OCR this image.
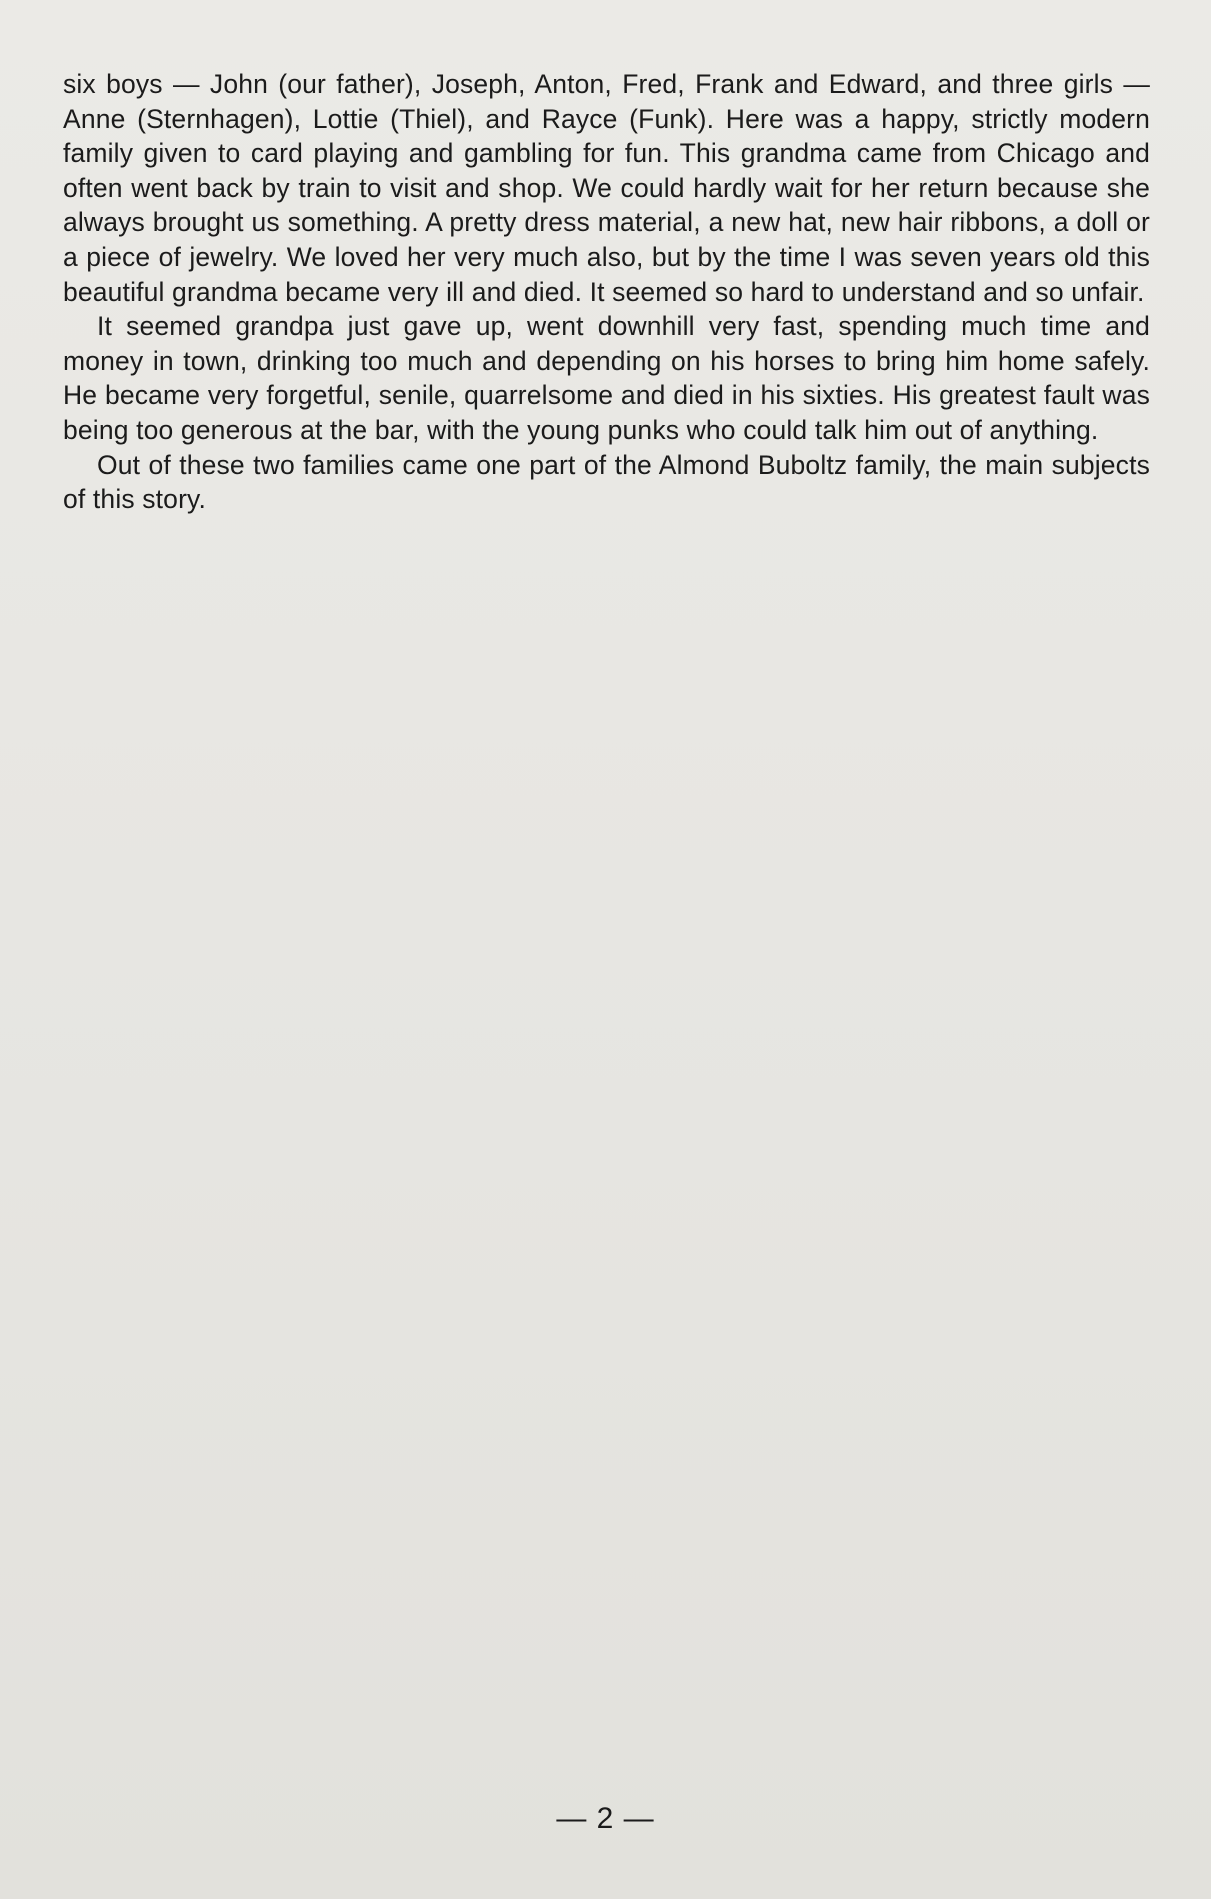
six boys — John (our father), Joseph, Anton, Fred, Frank and Edward, and three girls — Anne (Sternhagen), Lottie (Thiel), and Rayce (Funk). Here was a happy, strictly modern family given to card playing and gambling for fun. This grandma came from Chicago and often went back by train to visit and shop. We could hardly wait for her return because she always brought us something. A pretty dress material, a new hat, new hair ribbons, a doll or a piece of jewelry. We loved her very much also, but by the time I was seven years old this beautiful grandma became very ill and died. It seemed so hard to understand and so unfair.

It seemed grandpa just gave up, went downhill very fast, spending much time and money in town, drinking too much and depending on his horses to bring him home safely. He became very forgetful, senile, quarrelsome and died in his sixties. His greatest fault was being too generous at the bar, with the young punks who could talk him out of anything.

Out of these two families came one part of the Almond Buboltz family, the main subjects of this story.

— 2 —
